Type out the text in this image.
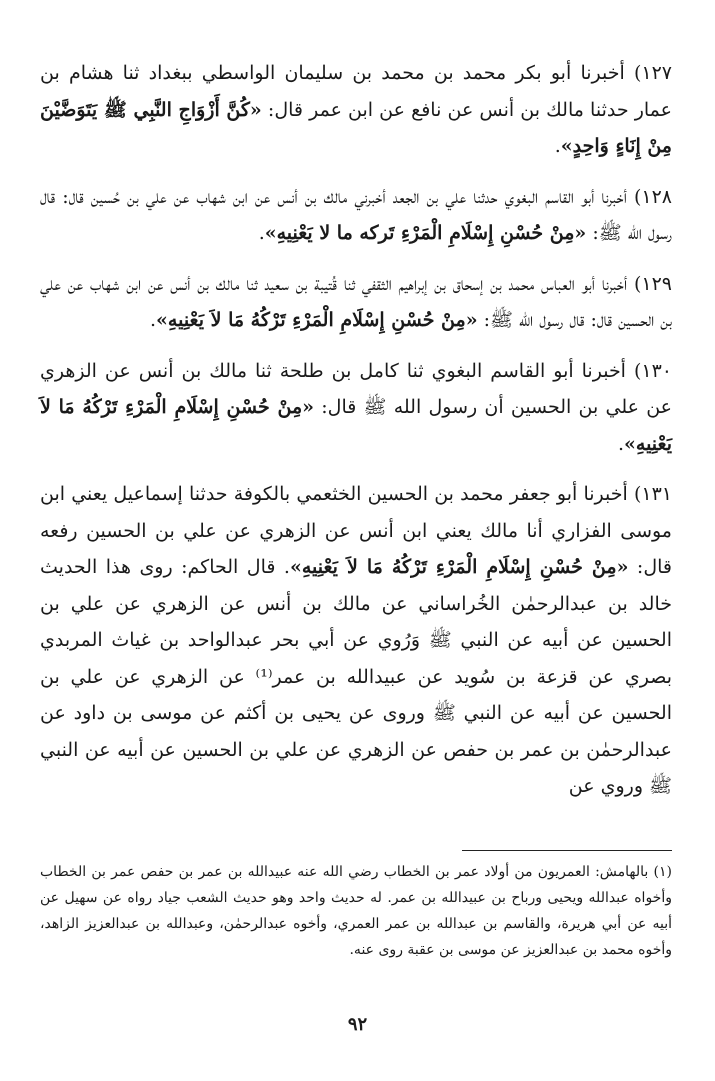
١٢٧) أخبرنا أبو بكر محمد بن محمد بن سليمان الواسطي ببغداد ثنا هشام بن عمار حدثنا مالك بن أنس عن نافع عن ابن عمر قال: «كُنَّ أَزْوَاجِ النَّبِي ﷺ يَتَوَضَّيْنَ مِنْ إِنَاءٍ وَاحِدٍ».

١٢٨) أخبرنا أبو القاسم البغوي حدثنا علي بن الجعد أخبرني مالك بن أنس عن ابن شهاب عن علي بن حُسين قال: قال رسول الله ﷺ: «مِنْ حُسْنِ إِسْلَامِ الْمَرْءِ تَركه ما لا يَعْنِيهِ».

١٢٩) أخبرنا أبو العباس محمد بن إسحاق بن إبراهيم الثقفي ثنا قُتيبة بن سعيد ثنا مالك بن أنس عن ابن شهاب عن علي بن الحسين قال: قال رسول الله ﷺ: «مِنْ حُسْنِ إِسْلَامِ الْمَرْءِ تَرْكُهُ مَا لاَ يَعْنِيهِ».

١٣٠) أخبرنا أبو القاسم البغوي ثنا كامل بن طلحة ثنا مالك بن أنس عن الزهري عن علي بن الحسين أن رسول الله ﷺ قال: «مِنْ حُسْنِ إِسْلَامِ الْمَرْءِ تَرْكُهُ مَا لاَ يَعْنِيهِ».

١٣١) أخبرنا أبو جعفر محمد بن الحسين الخثعمي بالكوفة حدثنا إسماعيل يعني ابن موسى الفزاري أنا مالك يعني ابن أنس عن الزهري عن علي بن الحسين رفعه قال: «مِنْ حُسْنِ إِسْلَامِ الْمَرْءِ تَرْكُهُ مَا لاَ يَعْنِيهِ». قال الحاكم: روى هذا الحديث خالد بن عبدالرحمٰن الخُراساني عن مالك بن أنس عن الزهري عن علي بن الحسين عن أبيه عن النبي ﷺ وَرُوي عن أبي بحر عبدالواحد بن غياث المربدي بصري عن قزعة بن سُويد عن عبيدالله بن عمر⁽¹⁾ عن الزهري عن علي بن الحسين عن أبيه عن النبي ﷺ وروى عن يحيى بن أكثم عن موسى بن داود عن عبدالرحمٰن بن عمر بن حفص عن الزهري عن علي بن الحسين عن أبيه عن النبي ﷺ وروي عن

(١) بالهامش: العمريون من أولاد عمر بن الخطاب رضي الله عنه عبيدالله بن عمر بن حفص عمر بن الخطاب وأخواه عبدالله ويحيى ورباح بن عبيدالله بن عمر. له حديث واحد وهو حديث الشعب جياد رواه عن سهيل عن أبيه عن أبي هريرة، والقاسم بن عبدالله بن عمر العمري، وأخوه عبدالرحمٰن، وعبدالله بن عبدالعزيز الزاهد، وأخوه محمد بن عبدالعزيز عن موسى بن عقبة روى عنه.

٩٢
